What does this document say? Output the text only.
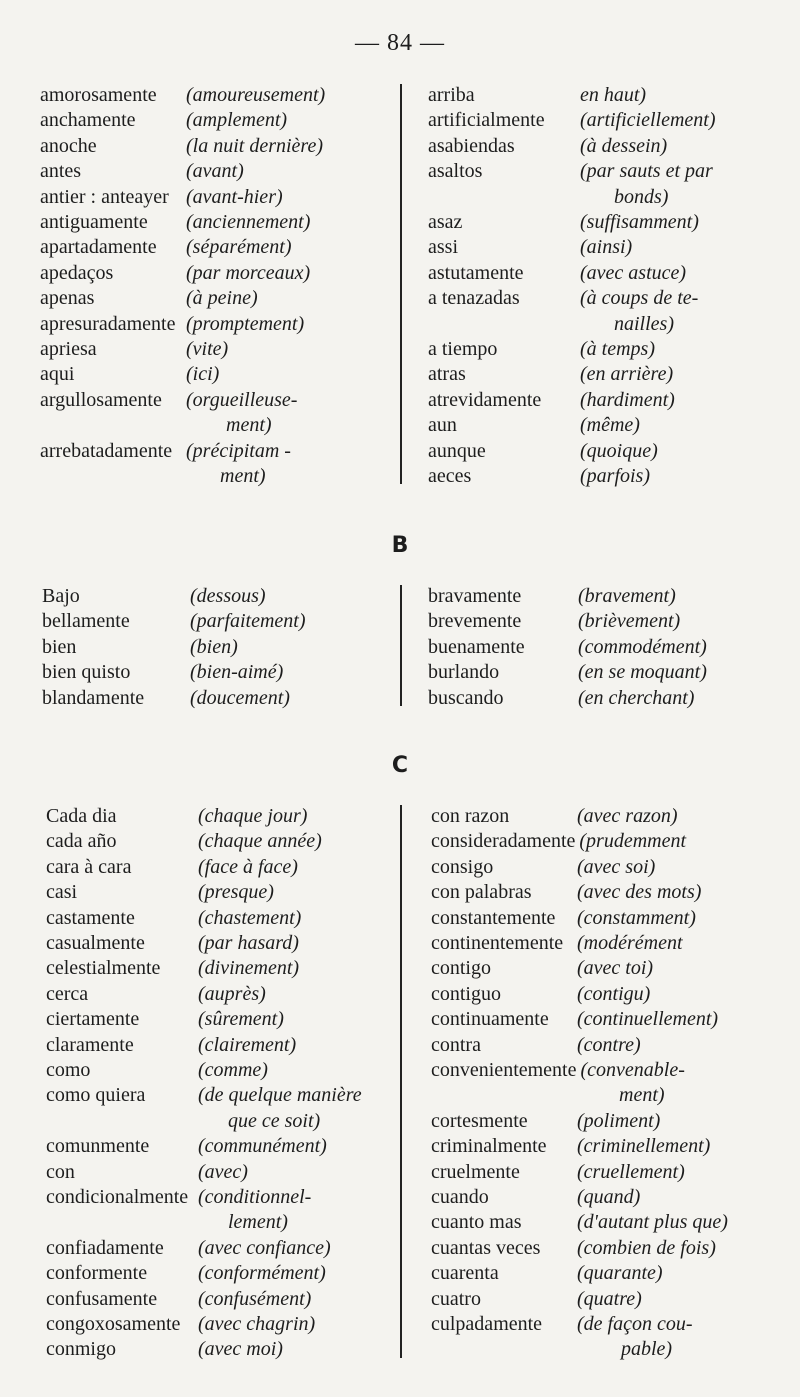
— 84 —
amorosamente (amoureusement)
anchamente	(amplement)
anoche	(la nuit dernière)
antes	(avant)
antier : anteayer (avant-hier)
antiguamente (anciennement)
apartadamente (séparément)
apedaços	(par morceaux)
apenas	(à peine)
apresuradamente (promptement)
apriesa	(vite)
aqui	(ici)
argullosamente (orgueilleuse-
ment)
arrebatadamente (précipitam -
ment)
arriba	en haut)
artificialmente (artificiellement)
asabiendas	(à dessein)
asaltos	(par sauts et par
bonds)
asaz	(suffisamment)
assi	(ainsi)
astutamente	(avec astuce)
a tenazadas	(à coups de te-
nailles)
a tiempo	(à temps)
atras	(en arrière)
atrevidamente (hardiment)
aun	(même)
aunque	(quoique)
aeces	(parfois)
B
Bajo	(dessous)
bellamente	(parfaitement)
bien	(bien)
bien quisto	(bien-aimé)
blandamente (doucement)
bravamente	(bravement)
brevemente	(brièvement)
buenamente	(commodément)
burlando	(en se moquant)
buscando	(en cherchant)
C
Cada dia	(chaque jour)
cada año	(chaque année)
cara à cara	(face à face)
casi	(presque)
castamente	(chastement)
casualmente	(par hasard)
celestialmente (divinement)
cerca	(auprès)
ciertamente	(sûrement)
claramente	(clairement)
como	(comme)
como quiera	(de quelque manière
que ce soit)
comunmente (communément)
con	(avec)
condicionalmente (conditionnel-
lement)
confiadamente (avec confiance)
conformente	(conformément)
confusamente (confusément)
congoxosamente (avec chagrin)
conmigo	(avec moi)
con razon	(avec razon)
consideradamente (prudemment
consigo	(avec soi)
con palabras (avec des mots)
constantemente (constamment)
continentemente (modérément
contigo	(avec toi)
contiguo	(contigu)
continuamente (continuellement)
contra	(contre)
convenientemente (convenable-
ment)
cortesmente (poliment)
criminalmente (criminellement)
cruelmente	(cruellement)
cuando	(quand)
cuanto mas	(d'autant plus que)
cuantas veces (combien de fois)
cuarenta	(quarante)
cuatro	(quatre)
culpadamente (de façon cou-
pable)
